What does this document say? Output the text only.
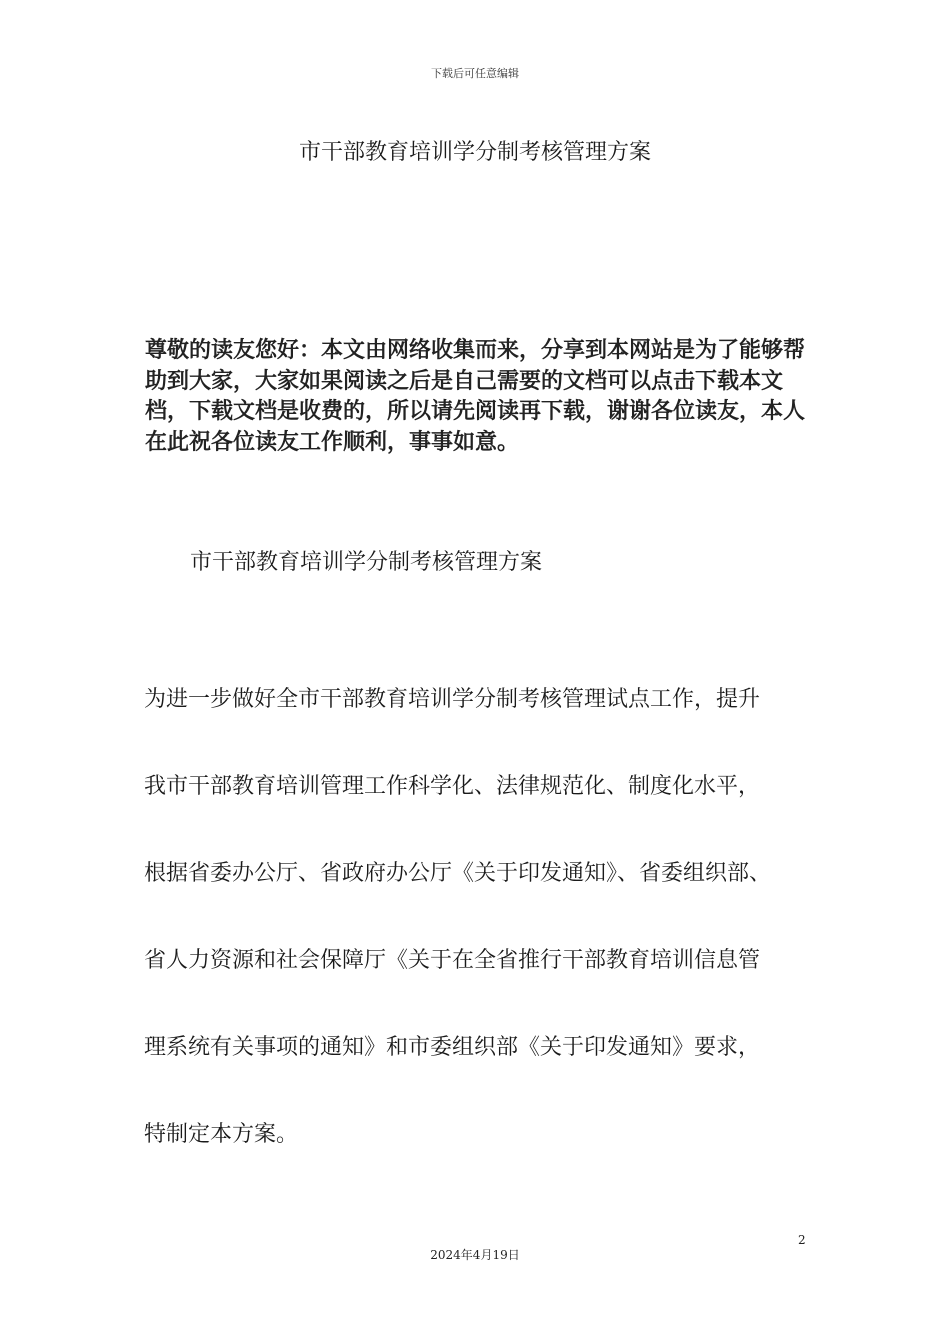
下载后可任意编辑
市干部教育培训学分制考核管理方案

尊敬的读友您好：本文由网络收集而来，分享到本网站是为了能够帮助到大家，大家如果阅读之后是自己需要的文档可以点击下载本文档，下载文档是收费的，所以请先阅读再下载，谢谢各位读友，本人在此祝各位读友工作顺利，事事如意。

市干部教育培训学分制考核管理方案

为进一步做好全市干部教育培训学分制考核管理试点工作，提升

我市干部教育培训管理工作科学化、法律规范化、制度化水平，

根据省委办公厅、省政府办公厅《关于印发通知》、省委组织部、

省人力资源和社会保障厅《关于在全省推行干部教育培训信息管

理系统有关事项的通知》和市委组织部《关于印发通知》要求，

特制定本方案。

2
2024年4月19日
